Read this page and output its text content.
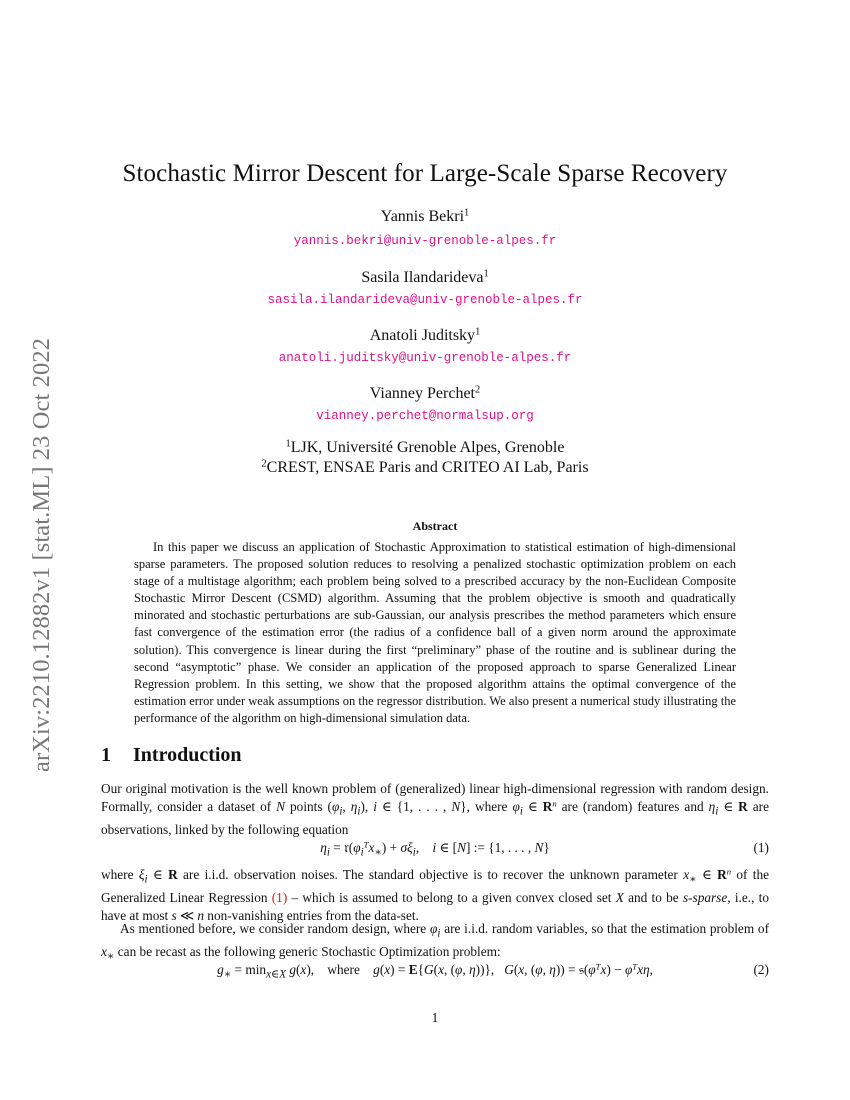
arXiv:2210.12882v1 [stat.ML] 23 Oct 2022
Stochastic Mirror Descent for Large-Scale Sparse Recovery
Yannis Bekri$^1$
yannis.bekri@univ-grenoble-alpes.fr
Sasila Ilandarideva$^1$
sasila.ilandarideva@univ-grenoble-alpes.fr
Anatoli Juditsky$^1$
anatoli.juditsky@univ-grenoble-alpes.fr
Vianney Perchet$^2$
vianney.perchet@normalsup.org
$^1$LJK, Université Grenoble Alpes, Grenoble
$^2$CREST, ENSAE Paris and CRITEO AI Lab, Paris
Abstract

In this paper we discuss an application of Stochastic Approximation to statistical estimation of high-dimensional sparse parameters. The proposed solution reduces to resolving a penalized stochastic optimization problem on each stage of a multistage algorithm; each problem being solved to a prescribed accuracy by the non-Euclidean Composite Stochastic Mirror Descent (CSMD) algorithm. Assuming that the problem objective is smooth and quadratically minorated and stochastic perturbations are sub-Gaussian, our analysis prescribes the method parameters which ensure fast convergence of the estimation error (the radius of a confidence ball of a given norm around the approximate solution). This convergence is linear during the first “preliminary” phase of the routine and is sublinear during the second “asymptotic” phase. We consider an application of the proposed approach to sparse Generalized Linear Regression problem. In this setting, we show that the proposed algorithm attains the optimal convergence of the estimation error under weak assumptions on the regressor distribution. We also present a numerical study illustrating the performance of the algorithm on high-dimensional simulation data.

1 Introduction

Our original motivation is the well known problem of (generalized) linear high-dimensional regression with random design. Formally, consider a dataset of N points ($\varphi_i$, $\eta_i$), i ∈ {1, . . . , N}, where $\varphi_i$ ∈ $R^n$ are (random) features and $\eta_i$ ∈ R are observations, linked by the following equation

$\eta_i$ = $𝔯(\varphi_i^Tx_∗) + \sigma\xi_i$,    i ∈ [N] := {1, . . . , N}	(1)

where $\xi_i$ ∈ R are i.i.d. observation noises. The standard objective is to recover the unknown parameter $x_∗$ ∈ $R^n$ of the Generalized Linear Regression (1) – which is assumed to belong to a given convex closed set X and to be s-sparse, i.e., to have at most s ≪ n non-vanishing entries from the data-set.

As mentioned before, we consider random design, where $\varphi_i$ are i.i.d. random variables, so that the estimation problem of $x_∗$ can be recast as the following generic Stochastic Optimization problem:

$g_∗ = \min_{x\in X} g(x)$,    where g(x) = E{G(x, (φ, η))},   G(x, (φ, $\eta)) = 𝔰(\varphi^Tx) - \varphi^Tx\eta$,	(2)
1
